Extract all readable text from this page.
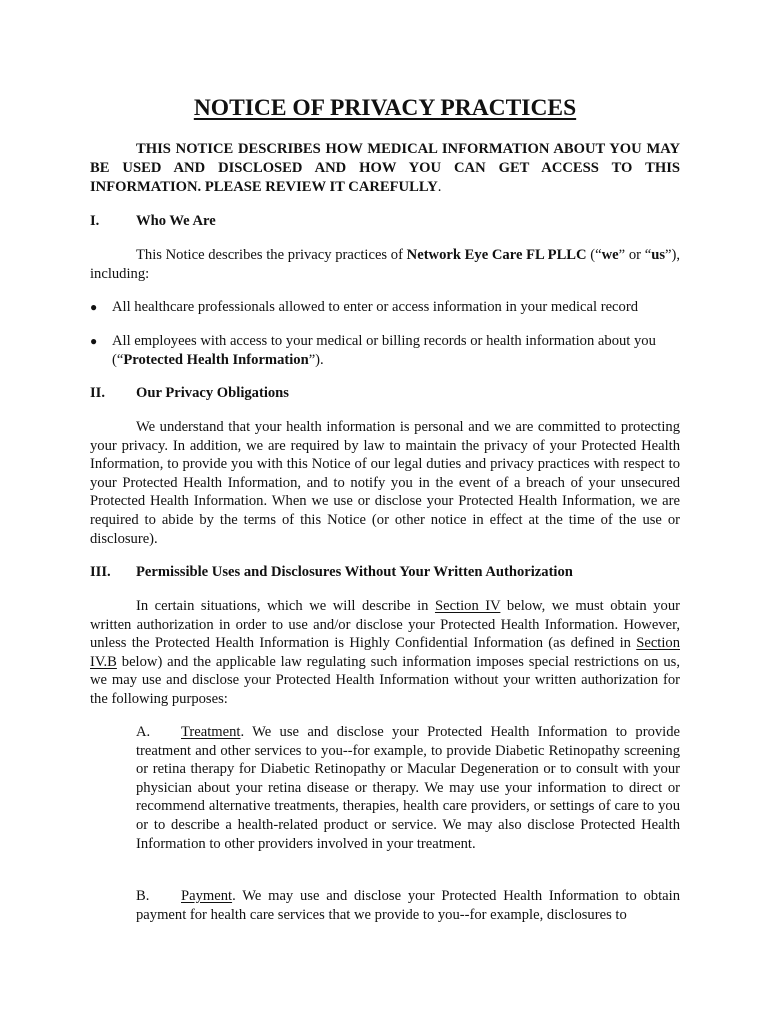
NOTICE OF PRIVACY PRACTICES

THIS NOTICE DESCRIBES HOW MEDICAL INFORMATION ABOUT YOU MAY BE USED AND DISCLOSED AND HOW YOU CAN GET ACCESS TO THIS INFORMATION. PLEASE REVIEW IT CAREFULLY.

I.	Who We Are

This Notice describes the privacy practices of Network Eye Care FL PLLC (“we” or “us”), including:

●	All healthcare professionals allowed to enter or access information in your medical record
●	All employees with access to your medical or billing records or health information about you (“Protected Health Information”).

II. Our Privacy Obligations

We understand that your health information is personal and we are committed to protecting your privacy. In addition, we are required by law to maintain the privacy of your Protected Health Information, to provide you with this Notice of our legal duties and privacy practices with respect to your Protected Health Information, and to notify you in the event of a breach of your unsecured Protected Health Information. When we use or disclose your Protected Health Information, we are required to abide by the terms of this Notice (or other notice in effect at the time of the use or disclosure).

III. Permissible Uses and Disclosures Without Your Written Authorization

In certain situations, which we will describe in Section IV below, we must obtain your written authorization in order to use and/or disclose your Protected Health Information. However, unless the Protected Health Information is Highly Confidential Information (as defined in Section IV.B below) and the applicable law regulating such information imposes special restrictions on us, we may use and disclose your Protected Health Information without your written authorization for the following purposes:

A. Treatment. We use and disclose your Protected Health Information to provide treatment and other services to you--for example, to provide Diabetic Retinopathy screening or retina therapy for Diabetic Retinopathy or Macular Degeneration or to consult with your physician about your retina disease or therapy. We may use your information to direct or recommend alternative treatments, therapies, health care providers, or settings of care to you or to describe a health-related product or service. We may also disclose Protected Health Information to other providers involved in your treatment.

B. Payment. We may use and disclose your Protected Health Information to obtain payment for health care services that we provide to you--for example, disclosures to
